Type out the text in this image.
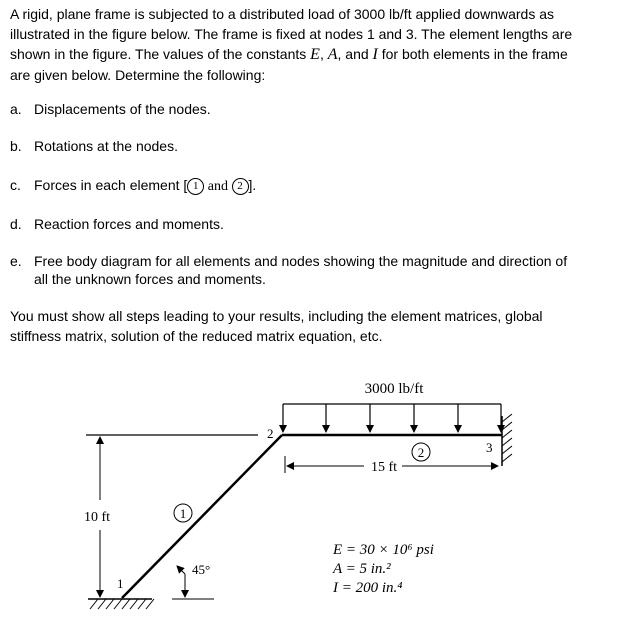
A rigid, plane frame is subjected to a distributed load of 3000 lb/ft applied downwards as
illustrated in the figure below. The frame is fixed at nodes 1 and 3. The element lengths are
shown in the figure. The values of the constants E, A, and I for both elements in the frame
are given below. Determine the following:
a. Displacements of the nodes.
b. Rotations at the nodes.
c. Forces in each element [ 1 and 2 ].
d. Reaction forces and moments.
e. Free body diagram for all elements and nodes showing the magnitude and direction of
all the unknown forces and moments.
You must show all steps leading to your results, including the element matrices, global
stiffness matrix, solution of the reduced matrix equation, etc.
3000 lb/ft
2
3
1
2
1
15 ft
10 ft
45°
E = 30 × 10⁶ psi
A = 5 in.²
I = 200 in.⁴
